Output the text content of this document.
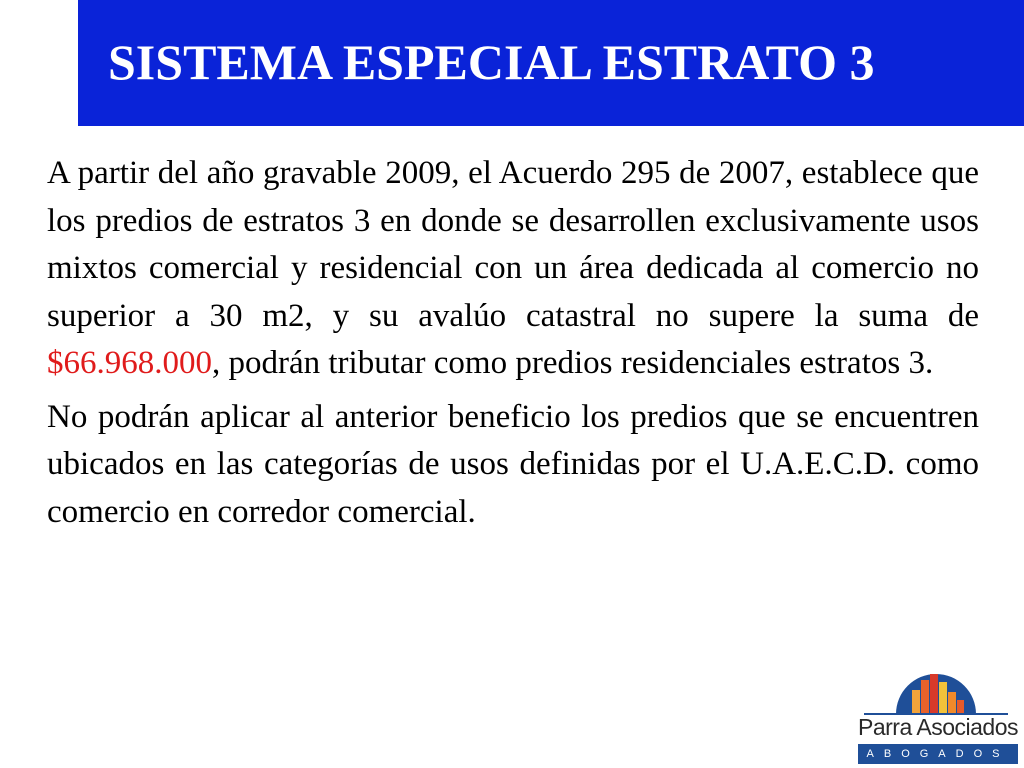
SISTEMA ESPECIAL ESTRATO 3

A partir del año gravable 2009, el Acuerdo 295 de 2007, establece que los predios de estratos 3 en donde se desarrollen exclusivamente usos mixtos comercial y residencial con un área dedicada al comercio no superior a 30 m2, y su avalúo catastral no supere la suma de $66.968.000, podrán tributar como predios residenciales estratos 3.

No podrán aplicar al anterior beneficio los predios que se encuentren ubicados en las categorías de usos definidas por el U.A.E.C.D. como comercio en corredor comercial.

Parra Asociados
ABOGADOS
